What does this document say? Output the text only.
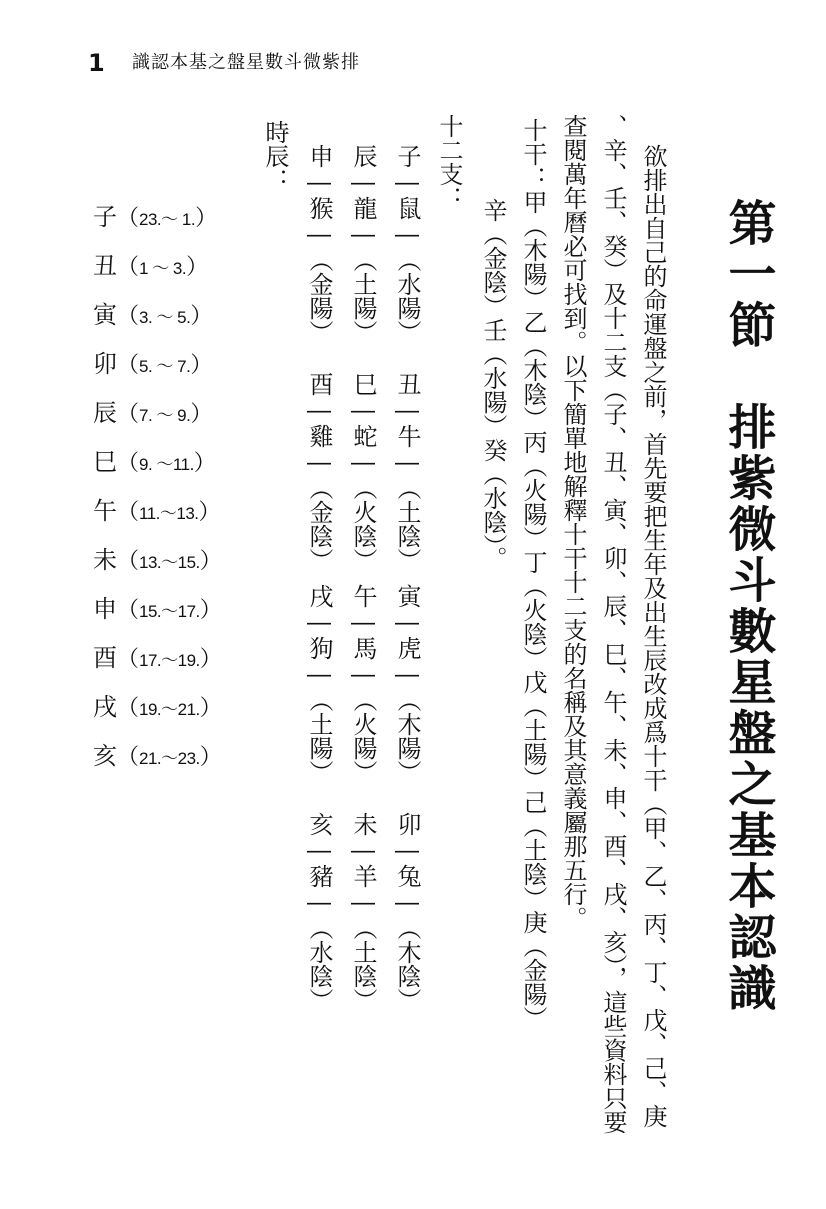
1 識認本基之盤星數斗微紫排
第一節　排紫微斗數星盤之基本認識
欲排出自己的命運盤之前，首先要把生年及出生辰改成爲十干（甲、乙、丙、丁、戊、己、庚
、辛、壬、癸）及十二支（子、丑、寅、卯、辰、巳、午、未、申、酉、戌、亥），這些資料只要
查閱萬年曆必可找到。以下簡單地解釋十干十二支的名稱及其意義屬那五行。
十干：甲（木陽）乙（木陰）丙（火陽）丁（火陰）戊（土陽）己（土陰）庚（金陽）
辛（金陰）壬（水陽）癸（水陰）。
十二支：
子―鼠―（水陽）
丑―牛―（土陰）
寅―虎―（木陽）
卯―兔―（木陰）
辰―龍―（土陽）
巳―蛇―（火陰）
午―馬―（火陽）
未―羊―（土陰）
申―猴―（金陽）
酉―雞―（金陰）
戌―狗―（土陽）
亥―豬―（水陰）
時辰：
子（23.～ 1.）
丑（1 ～ 3.）
寅（3. ～ 5.）
卯（5. ～ 7.）
辰（7. ～ 9.）
巳（9. ～11.）
午（11.～13.）
未（13.～15.）
申（15.～17.）
酉（17.～19.）
戌（19.～21.）
亥（21.～23.）
